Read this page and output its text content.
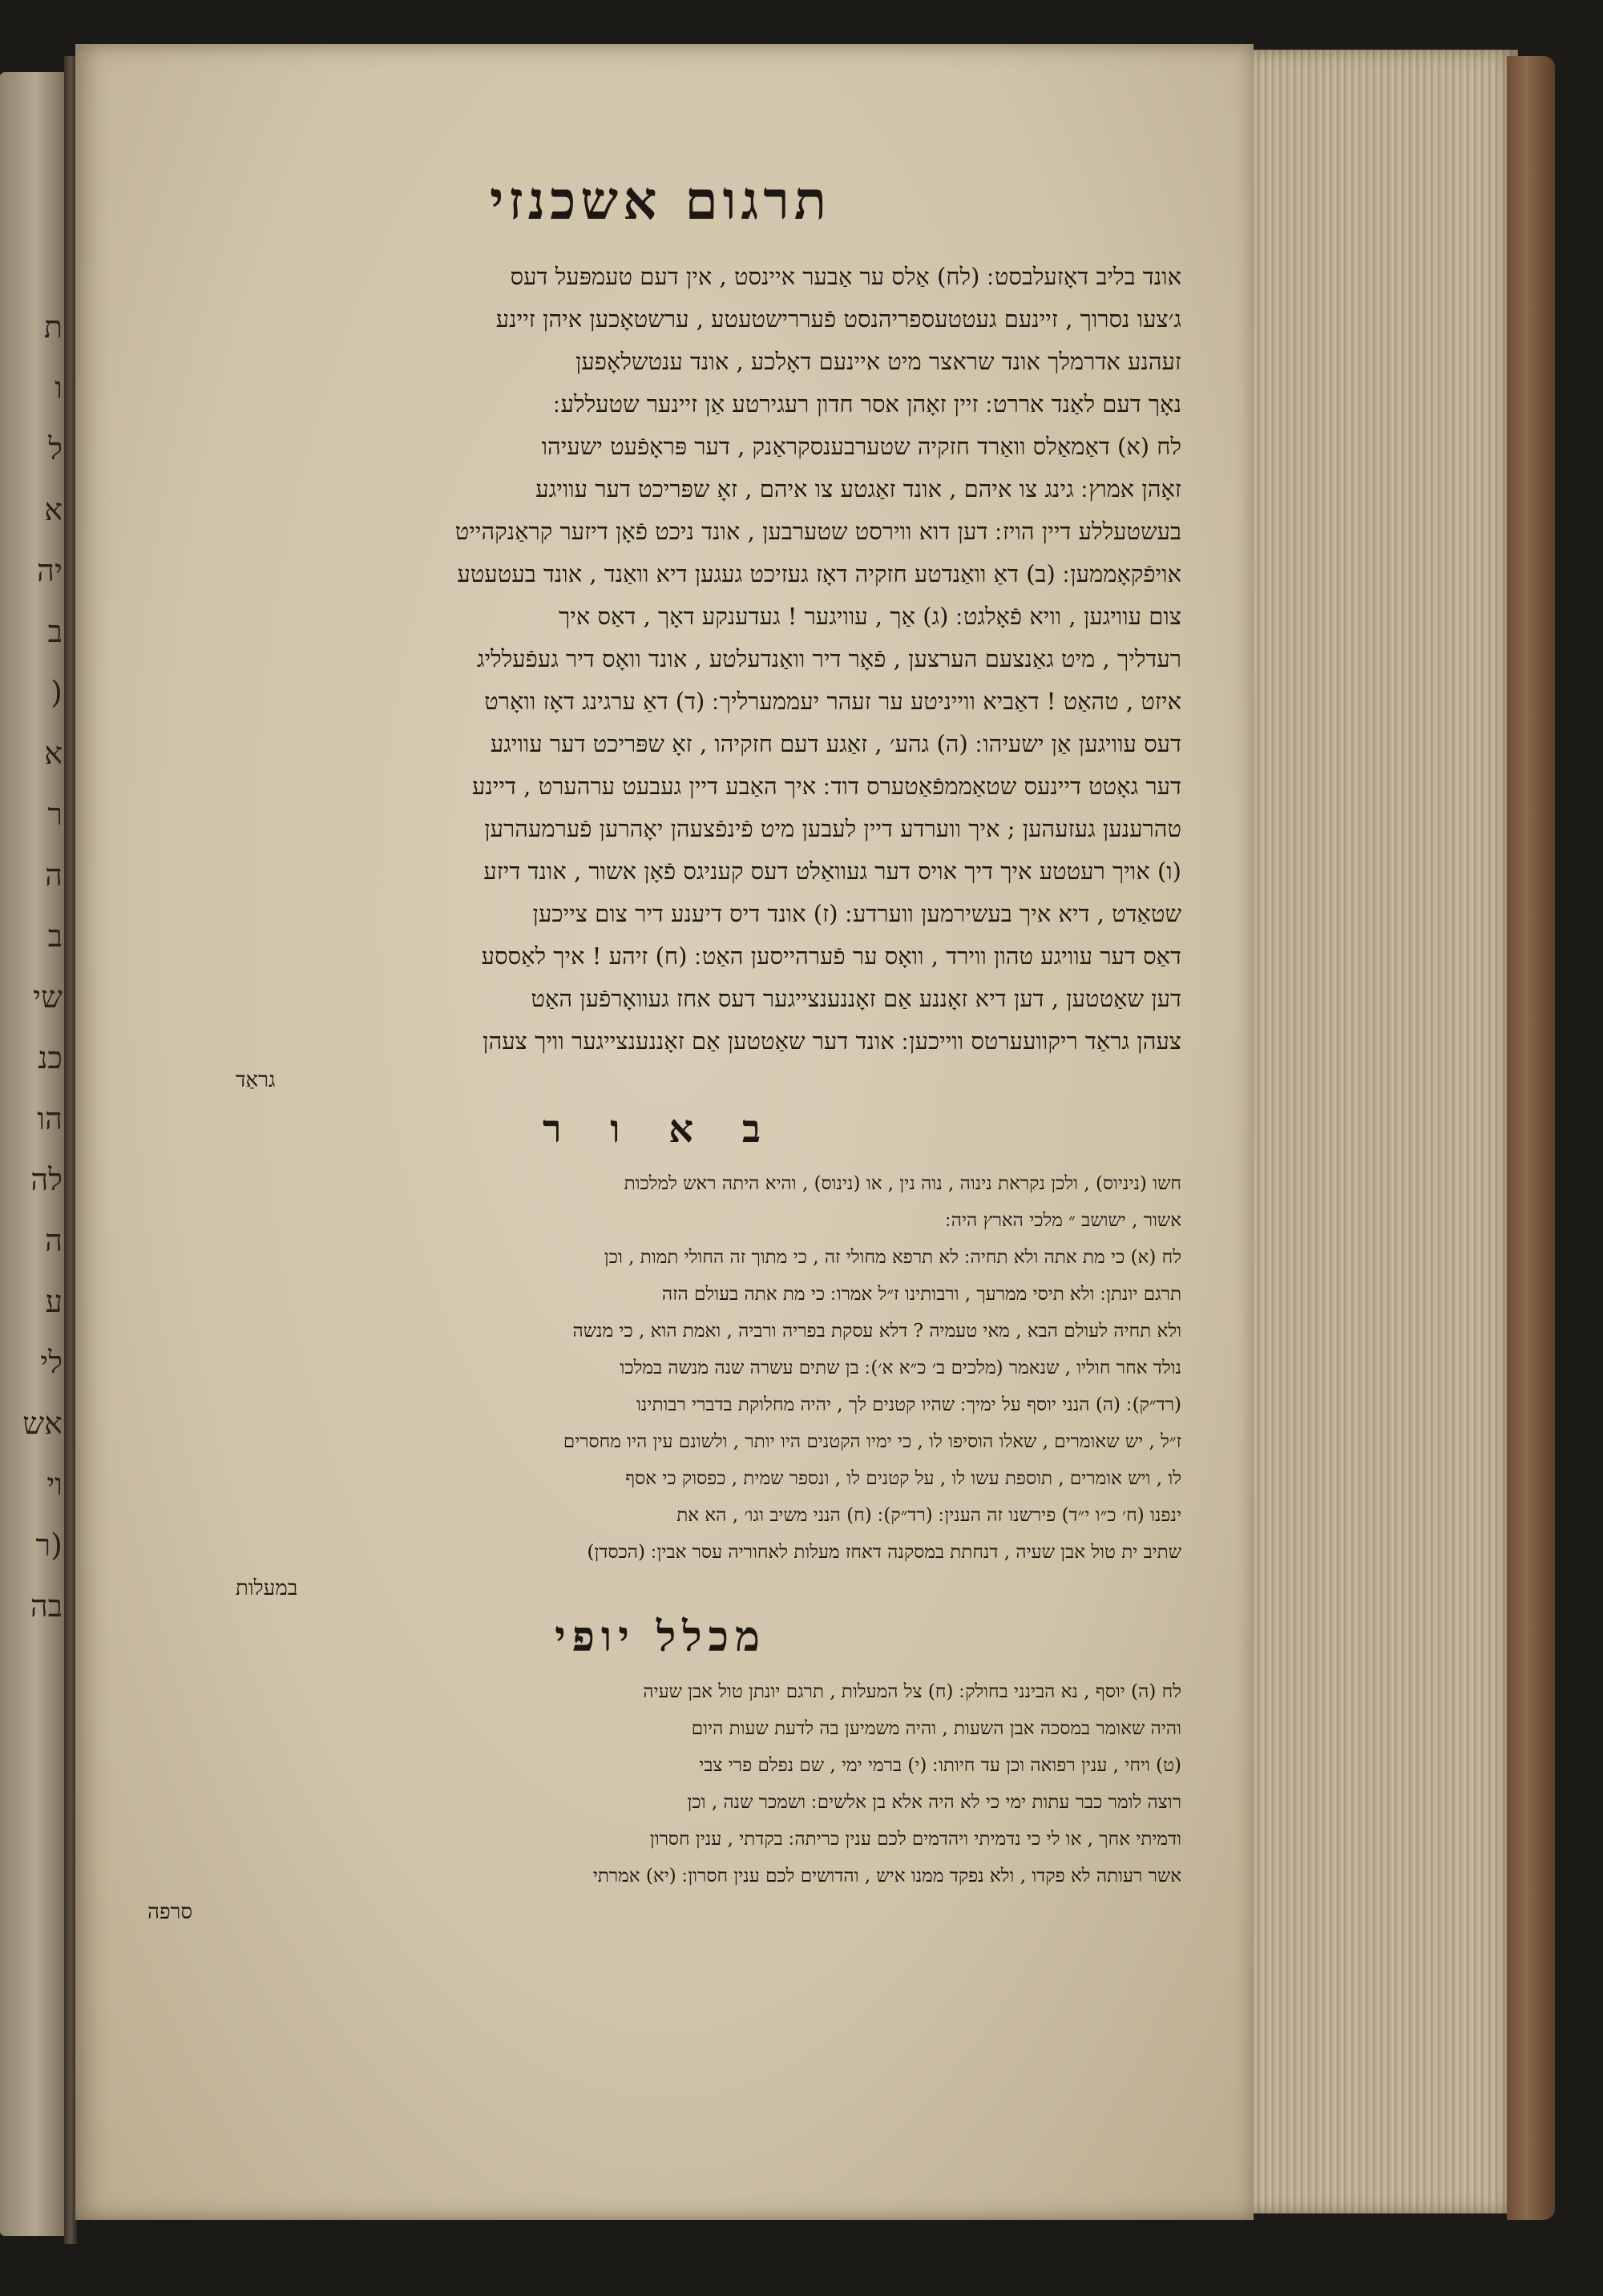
ת
ו
ל
א
יה
ב
(
א
ר
ה
ב
שי
כנ
הו
לה
ה
ע
לי
אש
וי
(ר
בה
תרגום אשכנזי
אונד בליב דאָזעלבסט ׃ (לח) אַלס ער אַבער איינסט , אין דעם טעמפּעל דעס
ג׳צעו נסרוך , זיינעם געטטעספריהנסט פֿעררישטעטע , ערשטאָכען איהן זיינע
זעהנע אדרמלך אונד שראצר מיט איינעם דאָלכע , אונד ענטשלאָפען
נאָך דעם לאַנד אררט ׃ זיין זאָהן אסר חדון רעגירטע אַן זיינער שטעללע ׃
לח (א) דאַמאַלס וואַרד חזקיה שטערבענסקראַנק , דער פּראָפֿעט ישעיהו
זאָהן אמוץ ׃ גינג צו איהם , אונד זאַגטע צו איהם , זאָ שפּריכט דער עוויגע
בעשטעללע דיין הויז ׃ דען דוא ווירסט שטערבען , אונד ניכט פֿאָן דיזער קראַנקהייט
אויפֿקאָממען ׃ (ב) דאַ וואַנדטע חזקיה דאָז געזיכט געגען דיא וואַנד , אונד בעטעטע
צום עוויגען , וויא פֿאָלגט ׃ (ג) אַך , עוויגער ! געדענקע דאָך , דאַס איך
רעדליך , מיט גאַנצעם הערצען , פֿאָר דיר וואַנדעלטע , אונד וואָס דיר געפֿעלליג
איזט , טהאַט ! דאַביא ווייניטע ער זעהר יעממערליך ׃ (ד) דאַ ערגינג דאָז וואָרט
דעס עוויגען אַן ישעיהו ׃ (ה) גהע׳ , זאַגע דעם חזקיהו , זאָ שפּריכט דער עוויגע
דער גאָטט דיינעס שטאַממפֿאַטערס דוד ׃ איך האַבע דיין געבעט ערהערט , דיינע
טהרענען געזעהען ; איך ווערדע דיין לעבען מיט פֿינפֿצעהן יאָהרען פֿערמעהרען
(ו) אויך רעטטע איך דיך אויס דער געוואַלט דעס קעניגס פֿאָן אשור , אונד דיזע
שטאַדט , דיא איך בעשירמען ווערדע ׃ (ז) אונד דיס דיענע דיר צום צייכען
דאַס דער עוויגע טהון ווירד , וואָס ער פֿערהייסען האַט ׃ (ח) זיהע ! איך לאַססע
דען שאַטטען , דען דיא זאָננע אַם זאָננענצייגער דעס אחז געוואָרפֿען האַט
צעהן גראַד ריקוועערטס ווייכען ׃ אונד דער שאַטטען אַם זאָננענצייגער וויך צעהן
גראַד
ב א ו ר
חשו (ניניוס) , ולכן נקראת נינוה , נוה נין , או (נינוס) , והיא היתה ראש למלכות
אשור , ישושב ״ מלכי הארץ היה ׃
לח (א) כי מת אתה ולא תחיה ׃ לא תרפא מחולי זה , כי מתוך זה החולי תמות , וכן
תרגם יונתן ׃ ולא תיסי ממרעך , ורבותינו ז״ל אמרו ׃ כי מת אתה בעולם הזה
ולא תחיה לעולם הבא , מאי טעמיה ? דלא עסקת בפריה ורביה , ואמת הוא , כי מנשה
נולד אחר חוליו , שנאמר (מלכים ב׳ כ״א א׳) ׃ בן שתים עשרה שנה מנשה במלכו
(רד״ק) ׃ (ה) הנני יוסף על ימיך ׃ שהיו קטנים לך , יהיה מחלוקת בדברי רבותינו
ז״ל , יש שאומרים , שאלו הוסיפו לו , כי ימיו הקטנים היו יותר , ולשונם עין היו מחסרים
לו , ויש אומרים , תוספת עשו לו , על קטנים לו , ונספר שמית , כפסוק כי אסף
ינפנו (ח׳ כ״ו י״ד) פירשנו זה הענין ׃ (רד״ק) ׃ (ח) הנני משיב וגו׳ , הא את
שתיב ית טול אבן שעיה , דנחתת במסקנה דאחז מעלות לאחוריה עסר אבין ׃ (הכסדן)
במעלות
מכלל יופי
לח (ה) יוסף , נא הבינני בחולק ׃ (ח) צל המעלות , תרגם יונתן טול אבן שעיה
והיה שאומר במסכה אבן השעות , והיה משמיען בה לדעת שעות היום
(ט) ויחי , ענין רפואה וכן עד חיותו ׃ (י) ברמי ימי , שם נפלם פרי צבי
רוצה לומר כבר עתות ימי כי לא היה אלא בן אלשים ׃ ושמכר שנה , וכן
ודמיתי אחך , או לי כי נדמיתי ויהדמים לכם ענין כריתה ׃ בקדתי , ענין חסרון
אשר רעותה לא פקדו , ולא נפקד ממנו איש , והדושים לכם ענין חסרון ׃ (יא) אמרתי
סרפה
